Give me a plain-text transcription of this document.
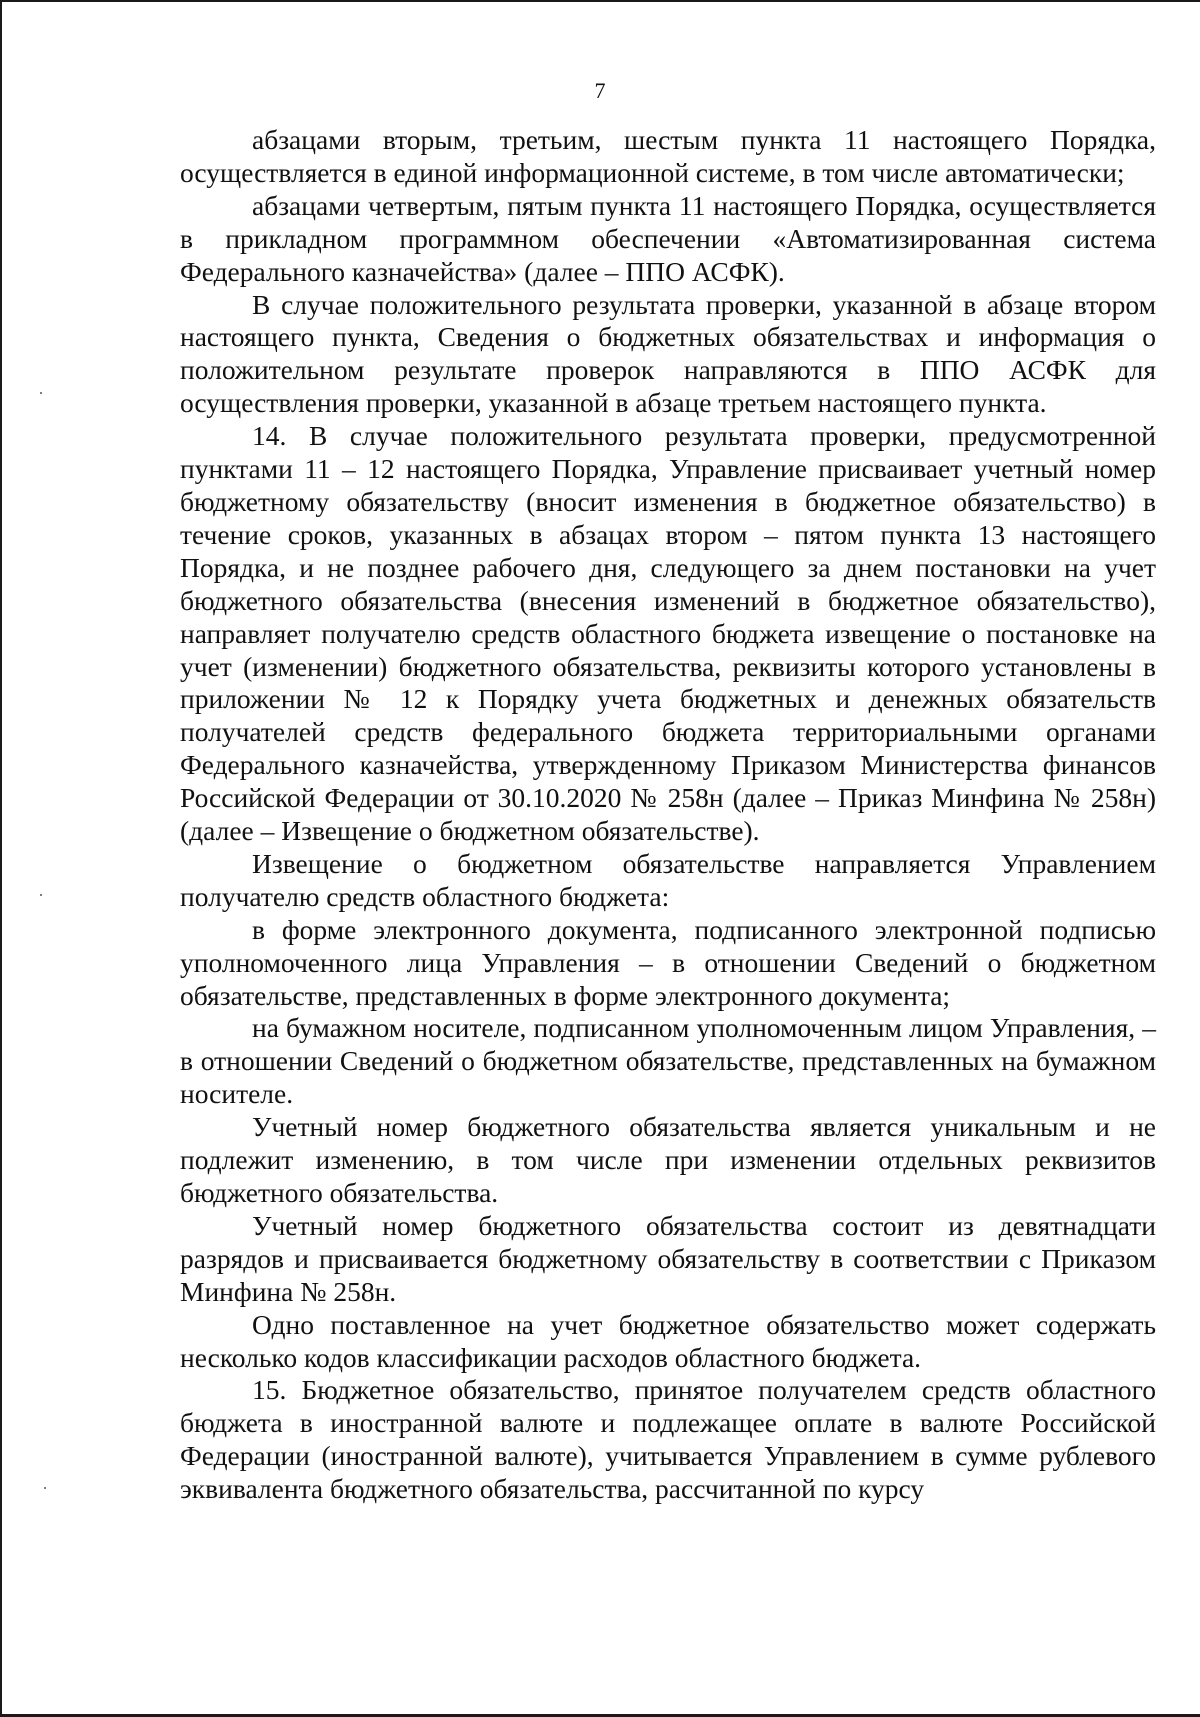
7

абзацами вторым, третьим, шестым пункта 11 настоящего Порядка, осуществляется в единой информационной системе, в том числе автоматически;

абзацами четвертым, пятым пункта 11 настоящего Порядка, осуществляется в прикладном программном обеспечении «Автоматизированная система Федерального казначейства» (далее – ППО АСФК).

В случае положительного результата проверки, указанной в абзаце втором настоящего пункта, Сведения о бюджетных обязательствах и информация о положительном результате проверок направляются в ППО АСФК для осуществления проверки, указанной в абзаце третьем настоящего пункта.

14. В случае положительного результата проверки, предусмотренной пунктами 11 – 12 настоящего Порядка, Управление присваивает учетный номер бюджетному обязательству (вносит изменения в бюджетное обязательство) в течение сроков, указанных в абзацах втором – пятом пункта 13 настоящего Порядка, и не позднее рабочего дня, следующего за днем постановки на учет бюджетного обязательства (внесения изменений в бюджетное обязательство), направляет получателю средств областного бюджета извещение о постановке на учет (изменении) бюджетного обязательства, реквизиты которого установлены в приложении № 12 к Порядку учета бюджетных и денежных обязательств получателей средств федерального бюджета территориальными органами Федерального казначейства, утвержденному Приказом Министерства финансов Российской Федерации от 30.10.2020 № 258н (далее – Приказ Минфина № 258н) (далее – Извещение о бюджетном обязательстве).

Извещение о бюджетном обязательстве направляется Управлением получателю средств областного бюджета:

в форме электронного документа, подписанного электронной подписью уполномоченного лица Управления – в отношении Сведений о бюджетном обязательстве, представленных в форме электронного документа;

на бумажном носителе, подписанном уполномоченным лицом Управления, – в отношении Сведений о бюджетном обязательстве, представленных на бумажном носителе.

Учетный номер бюджетного обязательства является уникальным и не подлежит изменению, в том числе при изменении отдельных реквизитов бюджетного обязательства.

Учетный номер бюджетного обязательства состоит из девятнадцати разрядов и присваивается бюджетному обязательству в соответствии с Приказом Минфина № 258н.

Одно поставленное на учет бюджетное обязательство может содержать несколько кодов классификации расходов областного бюджета.

15. Бюджетное обязательство, принятое получателем средств областного бюджета в иностранной валюте и подлежащее оплате в валюте Российской Федерации (иностранной валюте), учитывается Управлением в сумме рублевого эквивалента бюджетного обязательства, рассчитанной по курсу
